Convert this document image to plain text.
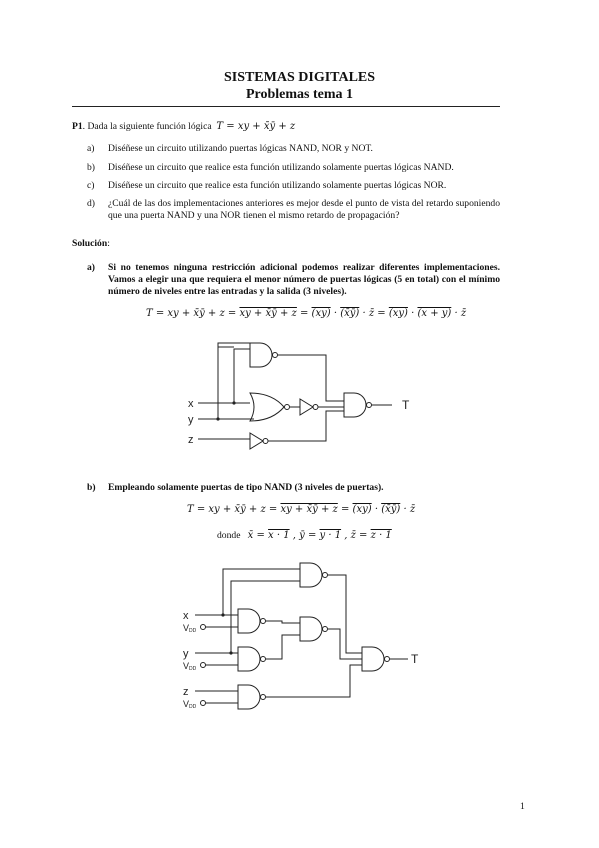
SISTEMAS DIGITALES
Problemas tema 1
P1. Dada la siguiente función lógica T = xy + x̄ȳ + z
a) Diséñese un circuito utilizando puertas lógicas NAND, NOR y NOT.
b) Diséñese un circuito que realice esta función utilizando solamente puertas lógicas NAND.
c) Diséñese un circuito que realice esta función utilizando solamente puertas lógicas NOR.
d) ¿Cuál de las dos implementaciones anteriores es mejor desde el punto de vista del retardo suponiendo que una puerta NAND y una NOR tienen el mismo retardo de propagación?
Solución:
a) Si no tenemos ninguna restricción adicional podemos realizar diferentes implementaciones. Vamos a elegir una que requiera el menor número de puertas lógicas (5 en total) con el mínimo número de niveles entre las entradas y la salida (3 niveles).
T = xy + x̄ȳ + z = xy + x̄ȳ + z = (xy) · (x̄ȳ) · z̄ = (xy) · (x + y) · z̄
x
y
z
T
b) Empleando solamente puertas de tipo NAND (3 niveles de puertas).
T = xy + x̄ȳ + z = xy + x̄ȳ + z = (xy) · (x̄ȳ) · z̄
donde x̄ = x · 1 , ȳ = y · 1 , z̄ = z · 1
x
VDD
y
VDD
z
VDD
T
1
